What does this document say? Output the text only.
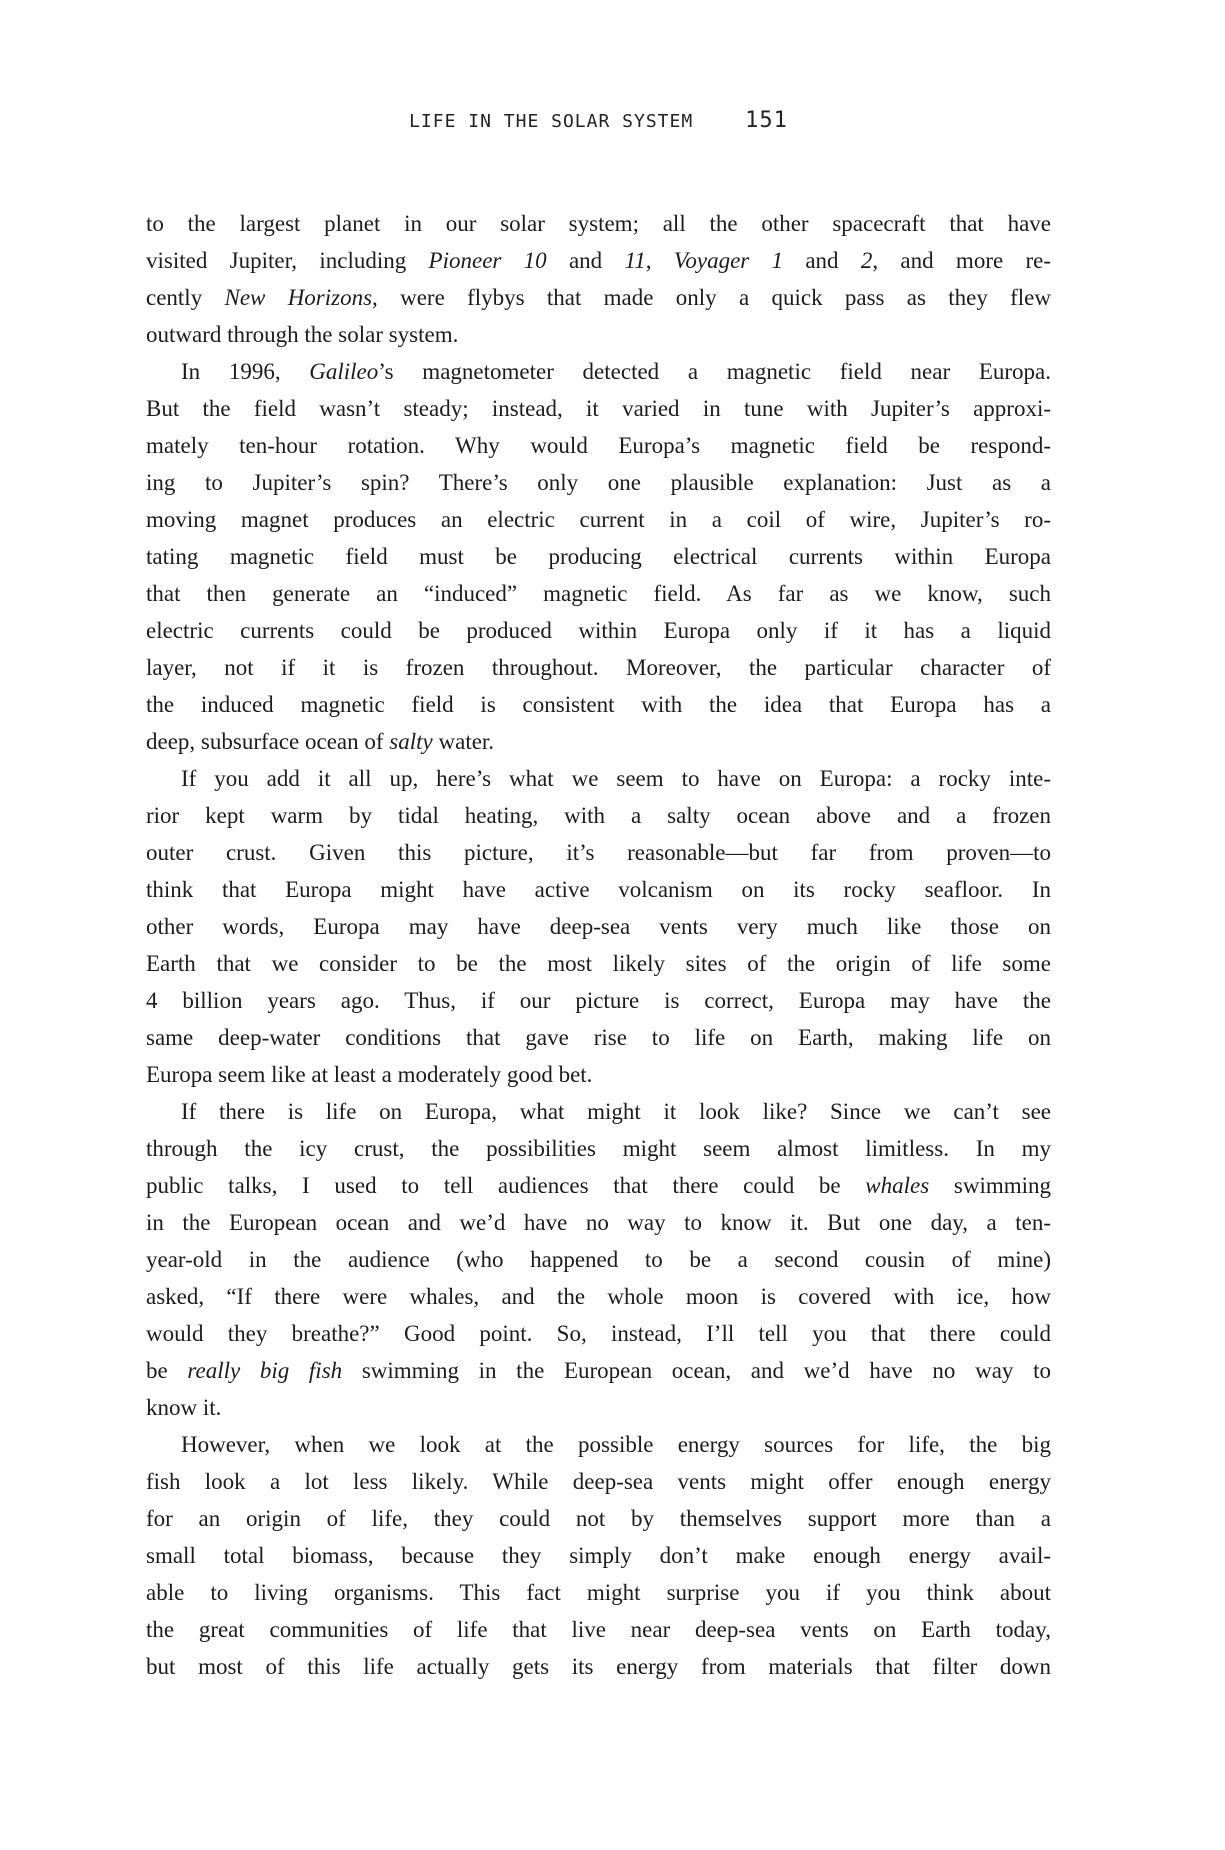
LIFE IN THE SOLAR SYSTEM 151
to the largest planet in our solar system; all the other spacecraft that have
visited Jupiter, including Pioneer 10 and 11, Voyager 1 and 2, and more re-
cently New Horizons, were flybys that made only a quick pass as they flew
outward through the solar system.
In 1996, Galileo’s magnetometer detected a magnetic field near Europa.
But the field wasn’t steady; instead, it varied in tune with Jupiter’s approxi-
mately ten-hour rotation. Why would Europa’s magnetic field be respond-
ing to Jupiter’s spin? There’s only one plausible explanation: Just as a
moving magnet produces an electric current in a coil of wire, Jupiter’s ro-
tating magnetic field must be producing electrical currents within Europa
that then generate an “induced” magnetic field. As far as we know, such
electric currents could be produced within Europa only if it has a liquid
layer, not if it is frozen throughout. Moreover, the particular character of
the induced magnetic field is consistent with the idea that Europa has a
deep, subsurface ocean of salty water.
If you add it all up, here’s what we seem to have on Europa: a rocky inte-
rior kept warm by tidal heating, with a salty ocean above and a frozen
outer crust. Given this picture, it’s reasonable—but far from proven—to
think that Europa might have active volcanism on its rocky seafloor. In
other words, Europa may have deep-sea vents very much like those on
Earth that we consider to be the most likely sites of the origin of life some
4 billion years ago. Thus, if our picture is correct, Europa may have the
same deep-water conditions that gave rise to life on Earth, making life on
Europa seem like at least a moderately good bet.
If there is life on Europa, what might it look like? Since we can’t see
through the icy crust, the possibilities might seem almost limitless. In my
public talks, I used to tell audiences that there could be whales swimming
in the European ocean and we’d have no way to know it. But one day, a ten-
year-old in the audience (who happened to be a second cousin of mine)
asked, “If there were whales, and the whole moon is covered with ice, how
would they breathe?” Good point. So, instead, I’ll tell you that there could
be really big fish swimming in the European ocean, and we’d have no way to
know it.
However, when we look at the possible energy sources for life, the big
fish look a lot less likely. While deep-sea vents might offer enough energy
for an origin of life, they could not by themselves support more than a
small total biomass, because they simply don’t make enough energy avail-
able to living organisms. This fact might surprise you if you think about
the great communities of life that live near deep-sea vents on Earth today,
but most of this life actually gets its energy from materials that filter down
